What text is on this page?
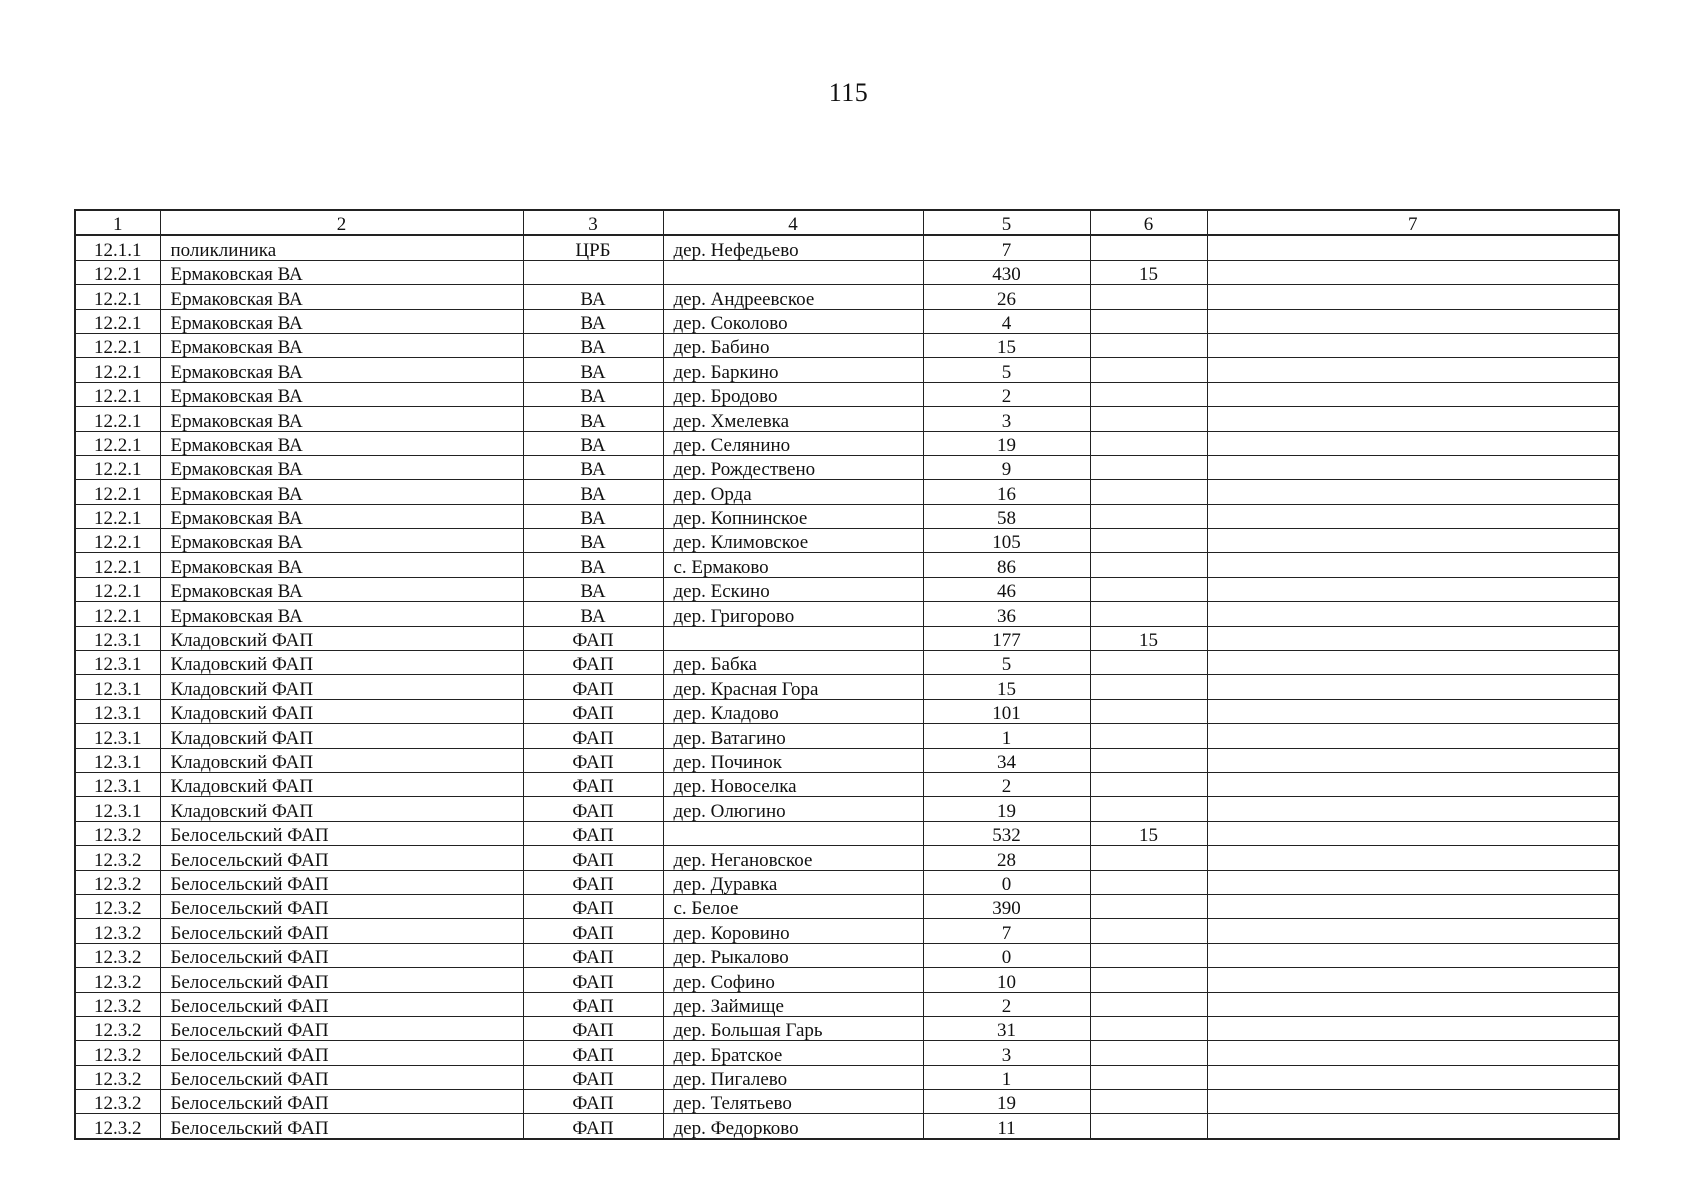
115
1	2	3	4	5	6	7
12.1.1	поликлиника	ЦРБ	дер. Нефедьево	7		
12.2.1	Ермаковская ВА			430	15	
12.2.1	Ермаковская ВА	ВА	дер. Андреевское	26		
12.2.1	Ермаковская ВА	ВА	дер. Соколово	4		
12.2.1	Ермаковская ВА	ВА	дер. Бабино	15		
12.2.1	Ермаковская ВА	ВА	дер. Баркино	5		
12.2.1	Ермаковская ВА	ВА	дер. Бродово	2		
12.2.1	Ермаковская ВА	ВА	дер. Хмелевка	3		
12.2.1	Ермаковская ВА	ВА	дер. Селянино	19		
12.2.1	Ермаковская ВА	ВА	дер. Рождествено	9		
12.2.1	Ермаковская ВА	ВА	дер. Орда	16		
12.2.1	Ермаковская ВА	ВА	дер. Копнинское	58		
12.2.1	Ермаковская ВА	ВА	дер. Климовское	105		
12.2.1	Ермаковская ВА	ВА	с. Ермаково	86		
12.2.1	Ермаковская ВА	ВА	дер. Ескино	46		
12.2.1	Ермаковская ВА	ВА	дер. Григорово	36		
12.3.1	Кладовский ФАП	ФАП		177	15	
12.3.1	Кладовский ФАП	ФАП	дер. Бабка	5		
12.3.1	Кладовский ФАП	ФАП	дер. Красная Гора	15		
12.3.1	Кладовский ФАП	ФАП	дер. Кладово	101		
12.3.1	Кладовский ФАП	ФАП	дер. Ватагино	1		
12.3.1	Кладовский ФАП	ФАП	дер. Починок	34		
12.3.1	Кладовский ФАП	ФАП	дер. Новоселка	2		
12.3.1	Кладовский ФАП	ФАП	дер. Олюгино	19		
12.3.2	Белосельский ФАП	ФАП		532	15	
12.3.2	Белосельский ФАП	ФАП	дер. Негановское	28		
12.3.2	Белосельский ФАП	ФАП	дер. Дуравка	0		
12.3.2	Белосельский ФАП	ФАП	с. Белое	390		
12.3.2	Белосельский ФАП	ФАП	дер. Коровино	7		
12.3.2	Белосельский ФАП	ФАП	дер. Рыкалово	0		
12.3.2	Белосельский ФАП	ФАП	дер. Софино	10		
12.3.2	Белосельский ФАП	ФАП	дер. Займище	2		
12.3.2	Белосельский ФАП	ФАП	дер. Большая Гарь	31		
12.3.2	Белосельский ФАП	ФАП	дер. Братское	3		
12.3.2	Белосельский ФАП	ФАП	дер. Пигалево	1		
12.3.2	Белосельский ФАП	ФАП	дер. Телятьево	19		
12.3.2	Белосельский ФАП	ФАП	дер. Федорково	11		
